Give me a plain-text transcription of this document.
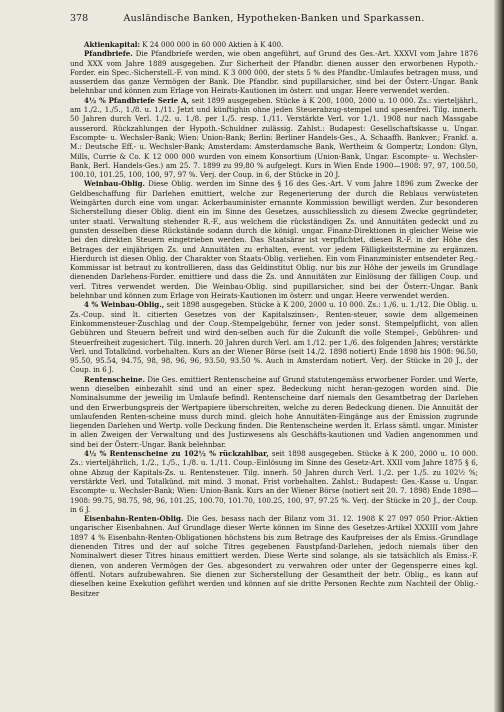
378	Ausländische Banken, Hypotheken-Banken und Sparkassen.

Aktienkapital: K 24 000 000 in 60 000 Aktien à K 400.

Pfandbriefe. Die Pfandbriefe werden, wie oben angeführt, auf Grund des Ges.-Art. XXXVI vom Jahre 1876 und XXX vom Jahre 1889 ausgegeben. Zur Sicherheit der Pfandbr. dienen ausser den erworbenen Hypoth.-Forder. ein Spec.-Sicherstell.-F. von mind. K 3 000 000, der stets 5 % des Pfandbr.-Umlaufes betragen muss, und ausserdem das ganze Vermögen der Bank. Die Pfandbr. sind pupillarsicher, sind bei der Österr.-Ungar. Bank belehnbar und können zum Erlage von Heirats-Kautionen im österr. und ungar. Heere verwendet werden.

4½ % Pfandbriefe Serie A, seit 1899 ausgegeben. Stücke à K 200, 1000, 2000 u. 10 000. Zs.: vierteljährl., am 1./2., 1./5., 1./8. u. 1./11. Jetzt und künftighin ohne jeden Steuerabzug-stempel und spesenfrei. Tilg. innerh. 50 Jahren durch Verl. 1./2. u. 1./8. per 1./5. resp. 1./11. Verstärkte Verl. vor 1./1. 1908 nur nach Massgabe ausserord. Rückzahlungen der Hypoth.-Schuldner zulässig. Zahlst.: Budapest: Gesellschaftskasse u. Ungar. Escompte- u. Wechsler-Bank; Wien: Union-Bank; Berlin: Berliner Handels-Ges., A. Schaaffh. Bankver.; Frankf. a. M.: Deutsche Eff.- u. Wechsler-Bank; Amsterdam: Amsterdamsche Bank, Wertheim & Gompertz; London: Glyn, Mills, Currie & Co. K 12 000 000 wurden von einem Konsortium (Union-Bank, Ungar. Escompte- u. Wechsler-Bank, Berl. Handels-Ges.) am 25. 7. 1899 zu 99,80 % aufgelegt. Kurs in Wien Ende 1900—1908: 97, 97, 100.50, 100.10, 101.25, 100, 100, 97, 97 %. Verj. der Coup. in 6, der Stücke in 20 J.

Weinbau-Oblig. Diese Oblig. werden im Sinne des § 16 des Ges.-Art. V vom Jahre 1896 zum Zwecke der Geldbeschaffung für Darlehen emittiert, welche zur Regenerierung der durch die Reblaus verwüsteten Weingärten durch eine vom ungar. Ackerbauminister ernannte Kommission bewilligt werden. Zur besonderen Sicherstellung dieser Oblig. dient ein im Sinne des Gesetzes, ausschliesslich zu diesem Zwecke gegründeter, unter staatl. Verwaltung stehender R.-F., aus welchem die rückständigen Zs. und Annuitäten gedeckt und zu gunsten desselben diese Rückstände sodann durch die königl. ungar. Finanz-Direktionen in gleicher Weise wie bei den direkten Steuern eingetrieben werden. Das Staatsärar ist verpflichtet, diesen R.-F. in der Höhe des Betrages der einjährigen Zs. und Annuitäten zu erhalten, event. vor jedem Fälligkeitstermine zu ergänzen. Hierdurch ist diesen Oblig. der Charakter von Staats-Oblig. verliehen. Ein vom Finanzminister entsendeter Reg.-Kommissar ist betraut zu kontrollieren, dass das Geldinstitut Oblig. nur bis zur Höhe der jeweils im Grundlage dienenden Darlehens-Forder. emittiere und dass die Zs. und Annuitäten zur Einlösung der fälligen Coup. und verl. Titres verwendet werden. Die Weinbau-Oblig. sind pupillarsicher, sind bei der Österr.-Ungar. Bank belehnbar und können zum Erlage von Heirats-Kautionen im österr. und ungar. Heere verwendet werden.

4 % Weinbau-Oblig., seit 1898 ausgegeben. Stücke à K 200, 2000 u. 10 000. Zs.: 1./6. u. 1./12. Die Oblig. u. Zs.-Coup. sind lt. citierten Gesetzes von der Kapitalszinsen-, Renten-steuer, sowie dem allgemeinen Einkommensteuer-Zuschlag und der Coup.-Stempelgebühr, ferner von jeder sonst. Stempelpflicht, von allen Gebühren und Steuern befreit und wird den-selben auch für die Zukunft die volle Stempel-, Gebühren- und Steuerfreiheit zugesichert. Tilg. innerh. 20 Jahren durch Verl. am 1./12. per 1./6. des folgenden Jahres; verstärkte Verl. und Totalkünd. vorbehalten. Kurs an der Wiener Börse (seit 14./2. 1898 notiert) Ende 1898 bis 1908: 96.50, 95.50, 95.54, 94.75, 98, 98, 96, 96, 93.50, 93.50 %. Auch in Amsterdam notiert. Verj. der Stücke in 20 J., der Coup. in 6 J.

Rentenscheine. Die Ges. emittiert Rentenscheine auf Grund statutengemäss erworbener Forder. und Werte, wenn dieselben einbezahlt sind und an einer spez. Bedeckung nicht heran-gezogen worden sind. Die Nominalsumme der jeweilig im Umlaufe befindl. Rentenscheine darf niemals den Gesamtbetrag der Darlehen und den Erwerbungspreis der Wertpapiere überschreiten, welche zu deren Bedeckung dienen. Die Annuität der umlaufenden Renten-scheine muss durch mind. gleich hohe Annuitäten-Eingänge aus der Emission zugrunde liegenden Darlehen und Wertp. volle Deckung finden. Die Rentenscheine werden lt. Erlass sämtl. ungar. Minister in allen Zweigen der Verwaltung und des Justizwesens als Geschäfts-kautionen und Vadien angenommen und sind bei der Österr.-Ungar. Bank belehnbar.

4½ % Rentenscheine zu 102½ % rückzahlbar, seit 1898 ausgegeben. Stücke à K 200, 2000 u. 10 000. Zs.: vierteljährlich, 1./2., 1./5., 1./8. u. 1./11. Coup.-Einlösung im Sinne des Gesetz-Art. XXII vom Jahre 1875 § 6, ohne Abzug der Kapitals-Zs. u. Rentensteuer. Tilg. innerh. 50 Jahren durch Verl. 1./2. per 1./5. zu 102½ %; verstärkte Verl. und Totalkünd. mit mind. 3 monat. Frist vorbehalten. Zahlst.: Budapest: Ges.-Kasse u. Ungar. Escompte- u. Wechsler-Bank; Wien: Union-Bank. Kurs an der Wiener Börse (notiert seit 20. 7. 1898) Ende 1898—1908: 99.75, 98.75, 98, 96, 101.25, 100.70, 101.70, 100.25, 100, 97, 97.25 %. Verj. der Stücke in 20 J., der Coup. in 6 J.

Eisenbahn-Renten-Oblig. Die Ges. besass nach der Bilanz vom 31. 12. 1908 K 27 097 050 Prior.-Aktien ungarischer Eisenbahnen. Auf Grundlage dieser Werte können im Sinne des Gesetzes-Artikel XXXIII vom Jahre 1897 4 % Eisenbahn-Renten-Obligationen höchstens bis zum Betrage des Kaufpreises der als Emiss.-Grundlage dienenden Titres und der auf solche Titres gegebenen Faustpfand-Darlehen, jedoch niemals über den Nominalwert dieser Titres hinaus emittiert werden. Diese Werte sind solange, als sie tatsächlich als Emiss.-F. dienen, von anderen Vermögen der Ges. abgesondert zu verwahren oder unter der Gegensperre eines kgl. öffentl. Notars aufzubewahren. Sie dienen zur Sicherstellung der Gesamtheit der betr. Oblig., es kann auf dieselben keine Exekution geführt werden und können auf sie dritte Personen Rechte zum Nachteil der Oblig.-Besitzer
